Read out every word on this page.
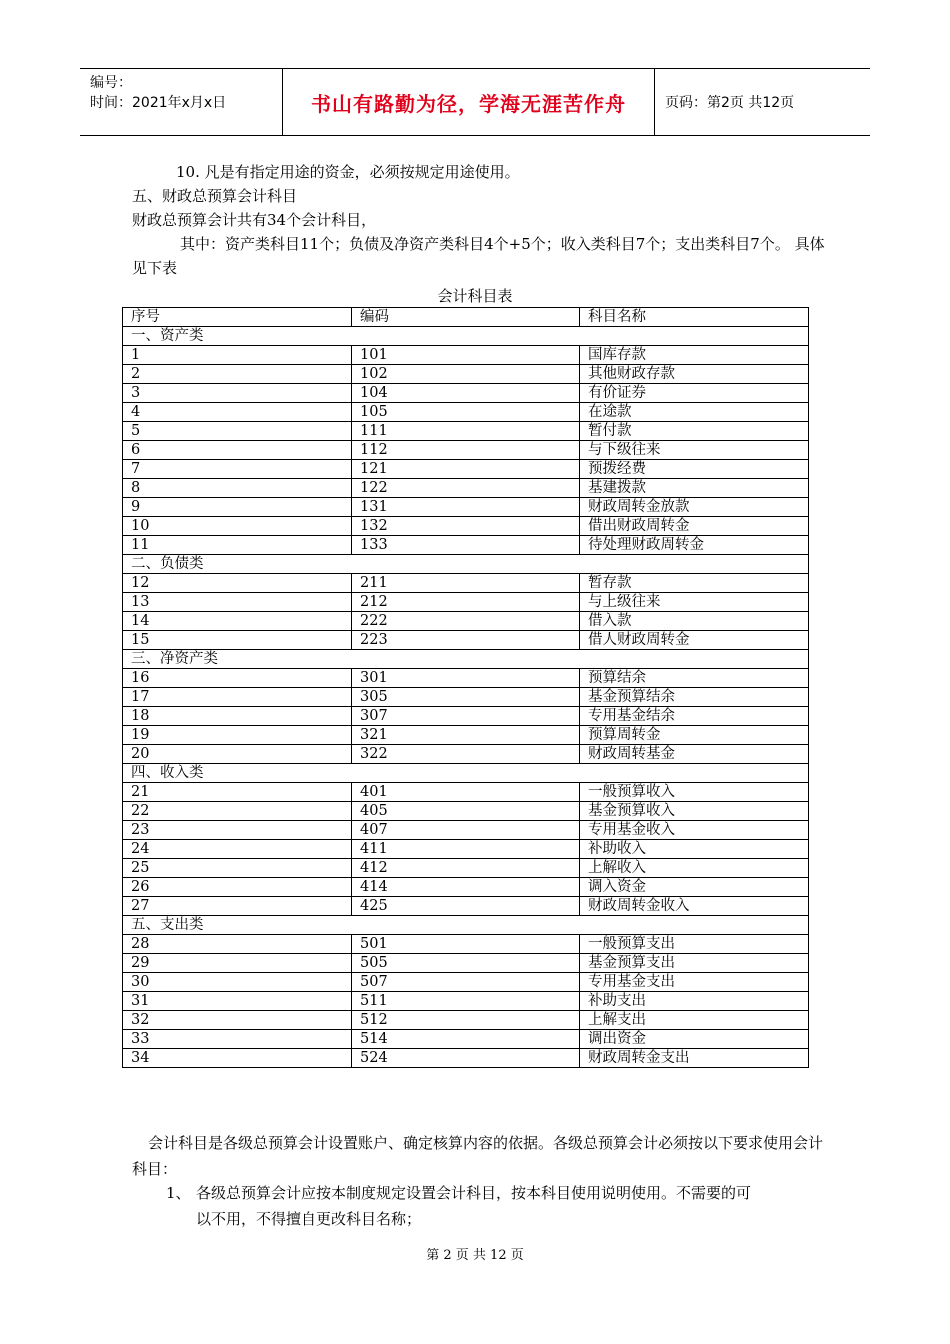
编号：
时间：2021年x月x日	书山有路勤为径，学海无涯苦作舟	页码：第2页 共12页
10. 凡是有指定用途的资金，必须按规定用途使用。
五、财政总预算会计科目
财政总预算会计共有34个会计科目，
其中：资产类科目11个；负债及净资产类科目4个+5个；收入类科目7个；支出类科目7个。 具体见下表
会计科目表
序号	编码	科目名称
一、资产类		
1	101	国库存款
2	102	其他财政存款
3	104	有价证券
4	105	在途款
5	111	暂付款
6	112	与下级往来
7	121	预拨经费
8	122	基建拨款
9	131	财政周转金放款
10	132	借出财政周转金
11	133	待处理财政周转金
二、负债类		
12	211	暂存款
13	212	与上级往来
14	222	借入款
15	223	借人财政周转金
三、净资产类		
16	301	预算结余
17	305	基金预算结余
18	307	专用基金结余
19	321	预算周转金
20	322	财政周转基金
四、收入类		
21	401	一般预算收入
22	405	基金预算收入
23	407	专用基金收入
24	411	补助收入
25	412	上解收入
26	414	调入资金
27	425	财政周转金收入
五、支出类		
28	501	一般预算支出
29	505	基金预算支出
30	507	专用基金支出
31	511	补助支出
32	512	上解支出
33	514	调出资金
34	524	财政周转金支出
会计科目是各级总预算会计设置账户、确定核算内容的依据。各级总预算会计必须按以下要求使用会计科目：
1、 各级总预算会计应按本制度规定设置会计科目，按本科目使用说明使用。不需要的可
以不用，不得擅自更改科目名称；
第 2 页 共 12 页
